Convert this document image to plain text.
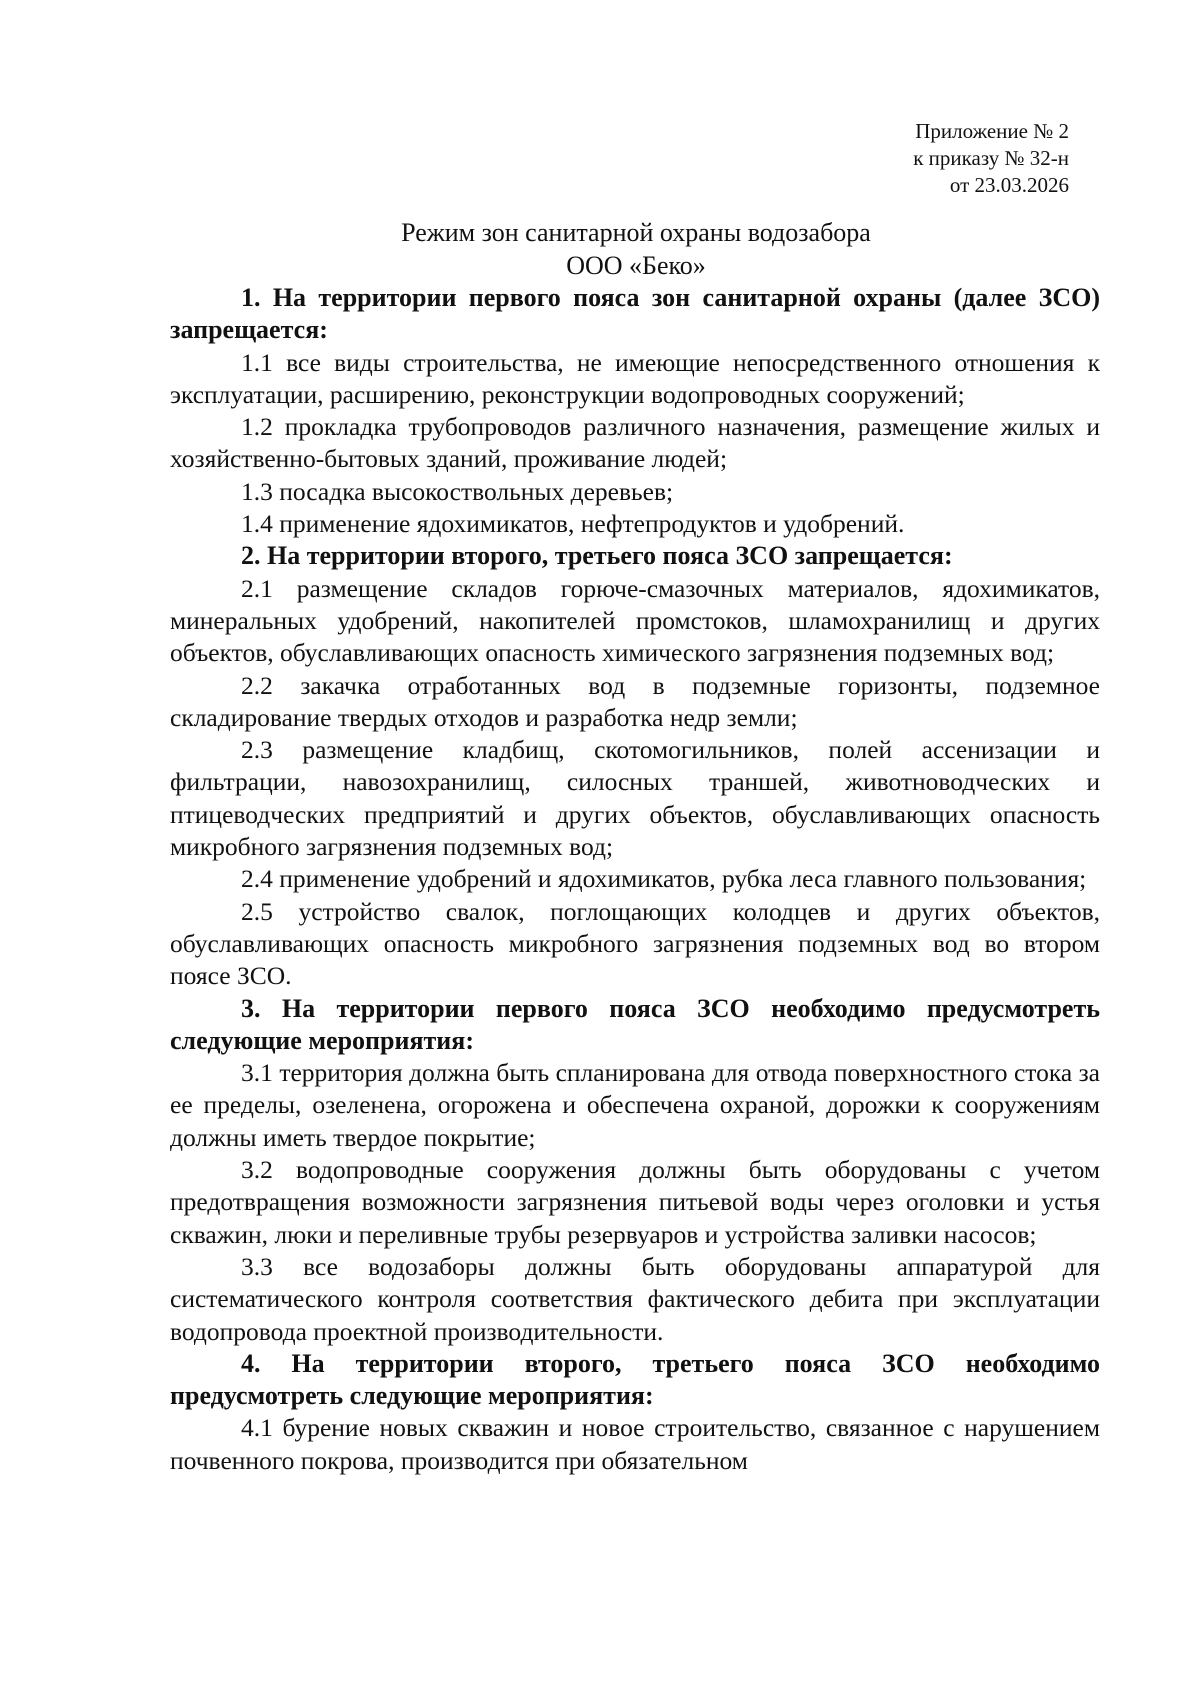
Приложение № 2
к приказу № 32-н
от 23.03.2026
Режим зон санитарной охраны водозабора
ООО «Беко»

1. На территории первого пояса зон санитарной охраны (далее ЗСО) запрещается:

1.1 все виды строительства, не имеющие непосредственного отношения к эксплуатации, расширению, реконструкции водопроводных сооружений;

1.2 прокладка трубопроводов различного назначения, размещение жилых и хозяйственно-бытовых зданий, проживание людей;

1.3 посадка высокоствольных деревьев;

1.4 применение ядохимикатов, нефтепродуктов и удобрений.

2. На территории второго, третьего пояса ЗСО запрещается:

2.1 размещение складов горюче-смазочных материалов, ядохимикатов, минеральных удобрений, накопителей промстоков, шламохранилищ и других объектов, обуславливающих опасность химического загрязнения подземных вод;

2.2 закачка отработанных вод в подземные горизонты, подземное складирование твердых отходов и разработка недр земли;

2.3 размещение кладбищ, скотомогильников, полей ассенизации и фильтрации, навозохранилищ, силосных траншей, животноводческих и птицеводческих предприятий и других объектов, обуславливающих опасность микробного загрязнения подземных вод;

2.4 применение удобрений и ядохимикатов, рубка леса главного пользования;

2.5 устройство свалок, поглощающих колодцев и других объектов, обуславливающих опасность микробного загрязнения подземных вод во втором поясе ЗСО.

3. На территории первого пояса ЗСО необходимо предусмотреть следующие мероприятия:

3.1 территория должна быть спланирована для отвода поверхностного стока за ее пределы, озеленена, огорожена и обеспечена охраной, дорожки к сооружениям должны иметь твердое покрытие;

3.2 водопроводные сооружения должны быть оборудованы с учетом предотвращения возможности загрязнения питьевой воды через оголовки и устья скважин, люки и переливные трубы резервуаров и устройства заливки насосов;

3.3 все водозаборы должны быть оборудованы аппаратурой для систематического контроля соответствия фактического дебита при эксплуатации водопровода проектной производительности.

4. На территории второго, третьего пояса ЗСО необходимо предусмотреть следующие мероприятия:

4.1 бурение новых скважин и новое строительство, связанное с нарушением почвенного покрова, производится при обязательном
